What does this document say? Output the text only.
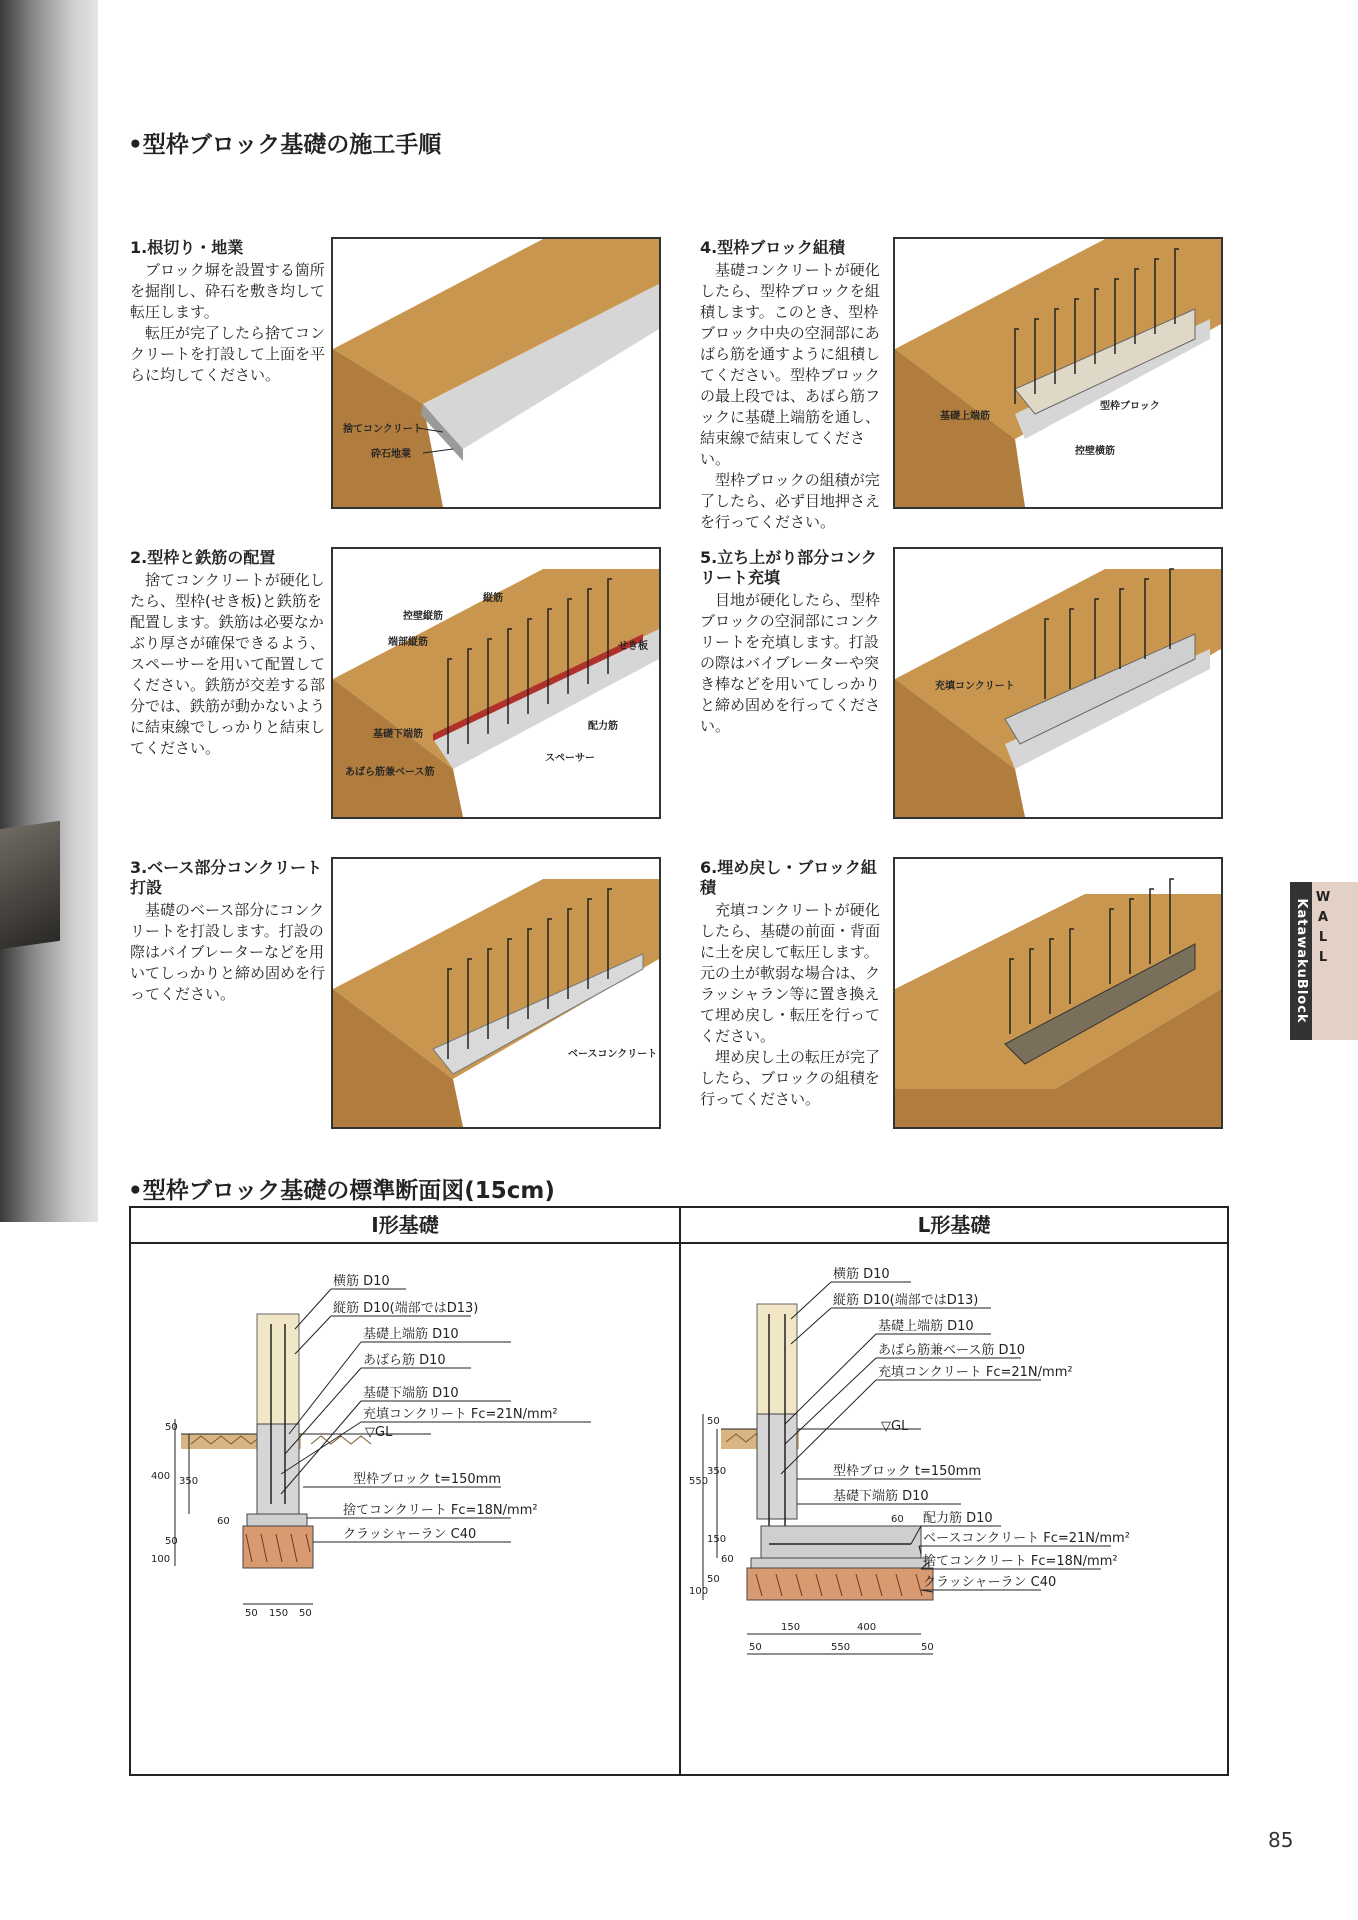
•型枠ブロック基礎の施工手順
1.根切り・地業

ブロック塀を設置する箇所を掘削し、砕石を敷き均して転圧します。

転圧が完了したら捨てコンクリートを打設して上面を平らに均してください。

捨てコンクリート
砕石地業
4.型枠ブロック組積

基礎コンクリートが硬化したら、型枠ブロックを組積します。このとき、型枠ブロック中央の空洞部にあばら筋を通すように組積してください。型枠ブロックの最上段では、あばら筋フックに基礎上端筋を通し、結束線で結束してください。

型枠ブロックの組積が完了したら、必ず目地押さえを行ってください。

基礎上端筋
型枠ブロック
控壁横筋
2.型枠と鉄筋の配置

捨てコンクリートが硬化したら、型枠(せき板)と鉄筋を配置します。鉄筋は必要なかぶり厚さが確保できるよう、スペーサーを用いて配置してください。鉄筋が交差する部分では、鉄筋が動かないように結束線でしっかりと結束してください。

縦筋
控壁縦筋
端部縦筋	せき板
基礎下端筋
配力筋
スペーサー
あばら筋兼ベース筋
5.立ち上がり部分コンクリート充填

目地が硬化したら、型枠ブロックの空洞部にコンクリートを充填します。打設の際はバイブレーターや突き棒などを用いてしっかりと締め固めを行ってください。

充填コンクリート
3.ベース部分コンクリート打設

基礎のベース部分にコンクリートを打設します。打設の際はバイブレーターなどを用いてしっかりと締め固めを行ってください。

ベースコンクリート
6.埋め戻し・ブロック組積

充填コンクリートが硬化したら、基礎の前面・背面に土を戻して転圧します。元の土が軟弱な場合は、クラッシャラン等に置き換えて埋め戻し・転圧を行ってください。

埋め戻し土の転圧が完了したら、ブロックの組積を行ってください。

KatawakuBlock
W
A
L
L
•型枠ブロック基礎の標準断面図(15cm)
I形基礎	L形基礎
横筋 D10
縦筋 D10(端部ではD13)
基礎上端筋 D10
あばら筋 D10
基礎下端筋 D10
充填コンクリート Fc=21N/mm²
▽GL
型枠ブロック t=150mm
捨てコンクリート Fc=18N/mm²
クラッシャーラン C40
50
400 350
60
100
50
50 150 50
横筋 D10
縦筋 D10(端部ではD13)
基礎上端筋 D10
あばら筋兼ベース筋 D10
充填コンクリート Fc=21N/mm²
▽GL
型枠ブロック t=150mm
基礎下端筋 D10
配力筋 D10
ベースコンクリート Fc=21N/mm²
捨てコンクリート Fc=18N/mm²
クラッシャーラン C40
60
50
550
350
150
60
100
50
150	400
50	550	50
85
